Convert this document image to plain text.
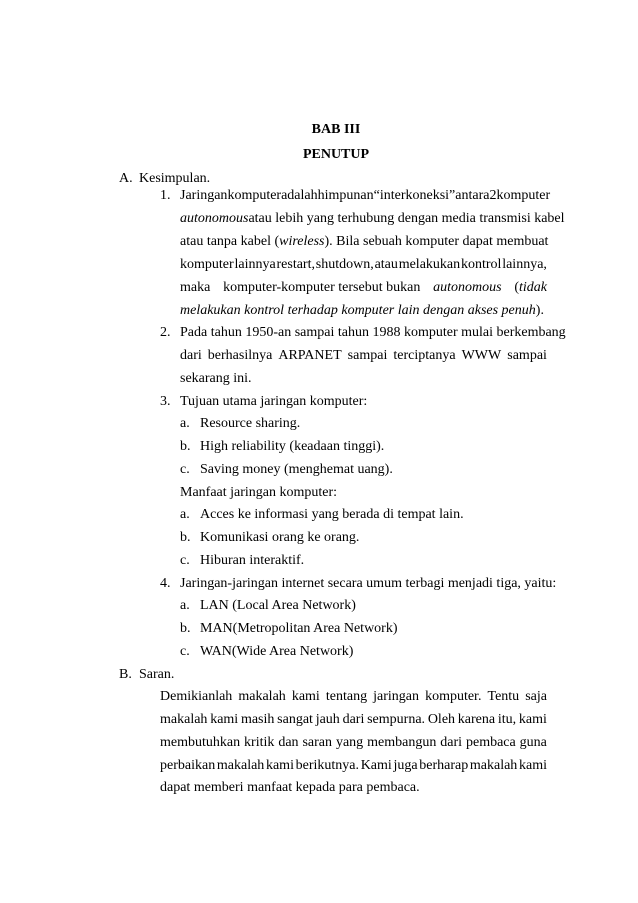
BAB III
PENUTUP
A. Kesimpulan.
1. Jaringan komputer adalah himpunan “interkoneksi” antara 2 komputer
autonomous atau lebih yang terhubung dengan media transmisi kabel
atau tanpa kabel (wireless). Bila sebuah komputer dapat membuat
komputer lainnya restart, shutdown, atau melakukan kontrol lainnya,
maka komputer-komputer tersebut bukan autonomous (tidak
melakukan kontrol terhadap komputer lain dengan akses penuh).
2. Pada tahun 1950-an sampai tahun 1988 komputer mulai berkembang
dari berhasilnya ARPANET sampai terciptanya WWW sampai
sekarang ini.
3. Tujuan utama jaringan komputer:
a. Resource sharing.
b. High reliability (keadaan tinggi).
c. Saving money (menghemat uang).
Manfaat jaringan komputer:
a. Acces ke informasi yang berada di tempat lain.
b. Komunikasi orang ke orang.
c. Hiburan interaktif.
4. Jaringan-jaringan internet secara umum terbagi menjadi tiga, yaitu:
a. LAN (Local Area Network)
b. MAN(Metropolitan Area Network)
c. WAN(Wide Area Network)
B. Saran.
Demikianlah makalah kami tentang jaringan komputer. Tentu saja
makalah kami masih sangat jauh dari sempurna. Oleh karena itu, kami
membutuhkan kritik dan saran yang membangun dari pembaca guna
perbaikan makalah kami berikutnya. Kami juga berharap makalah kami
dapat memberi manfaat kepada para pembaca.
